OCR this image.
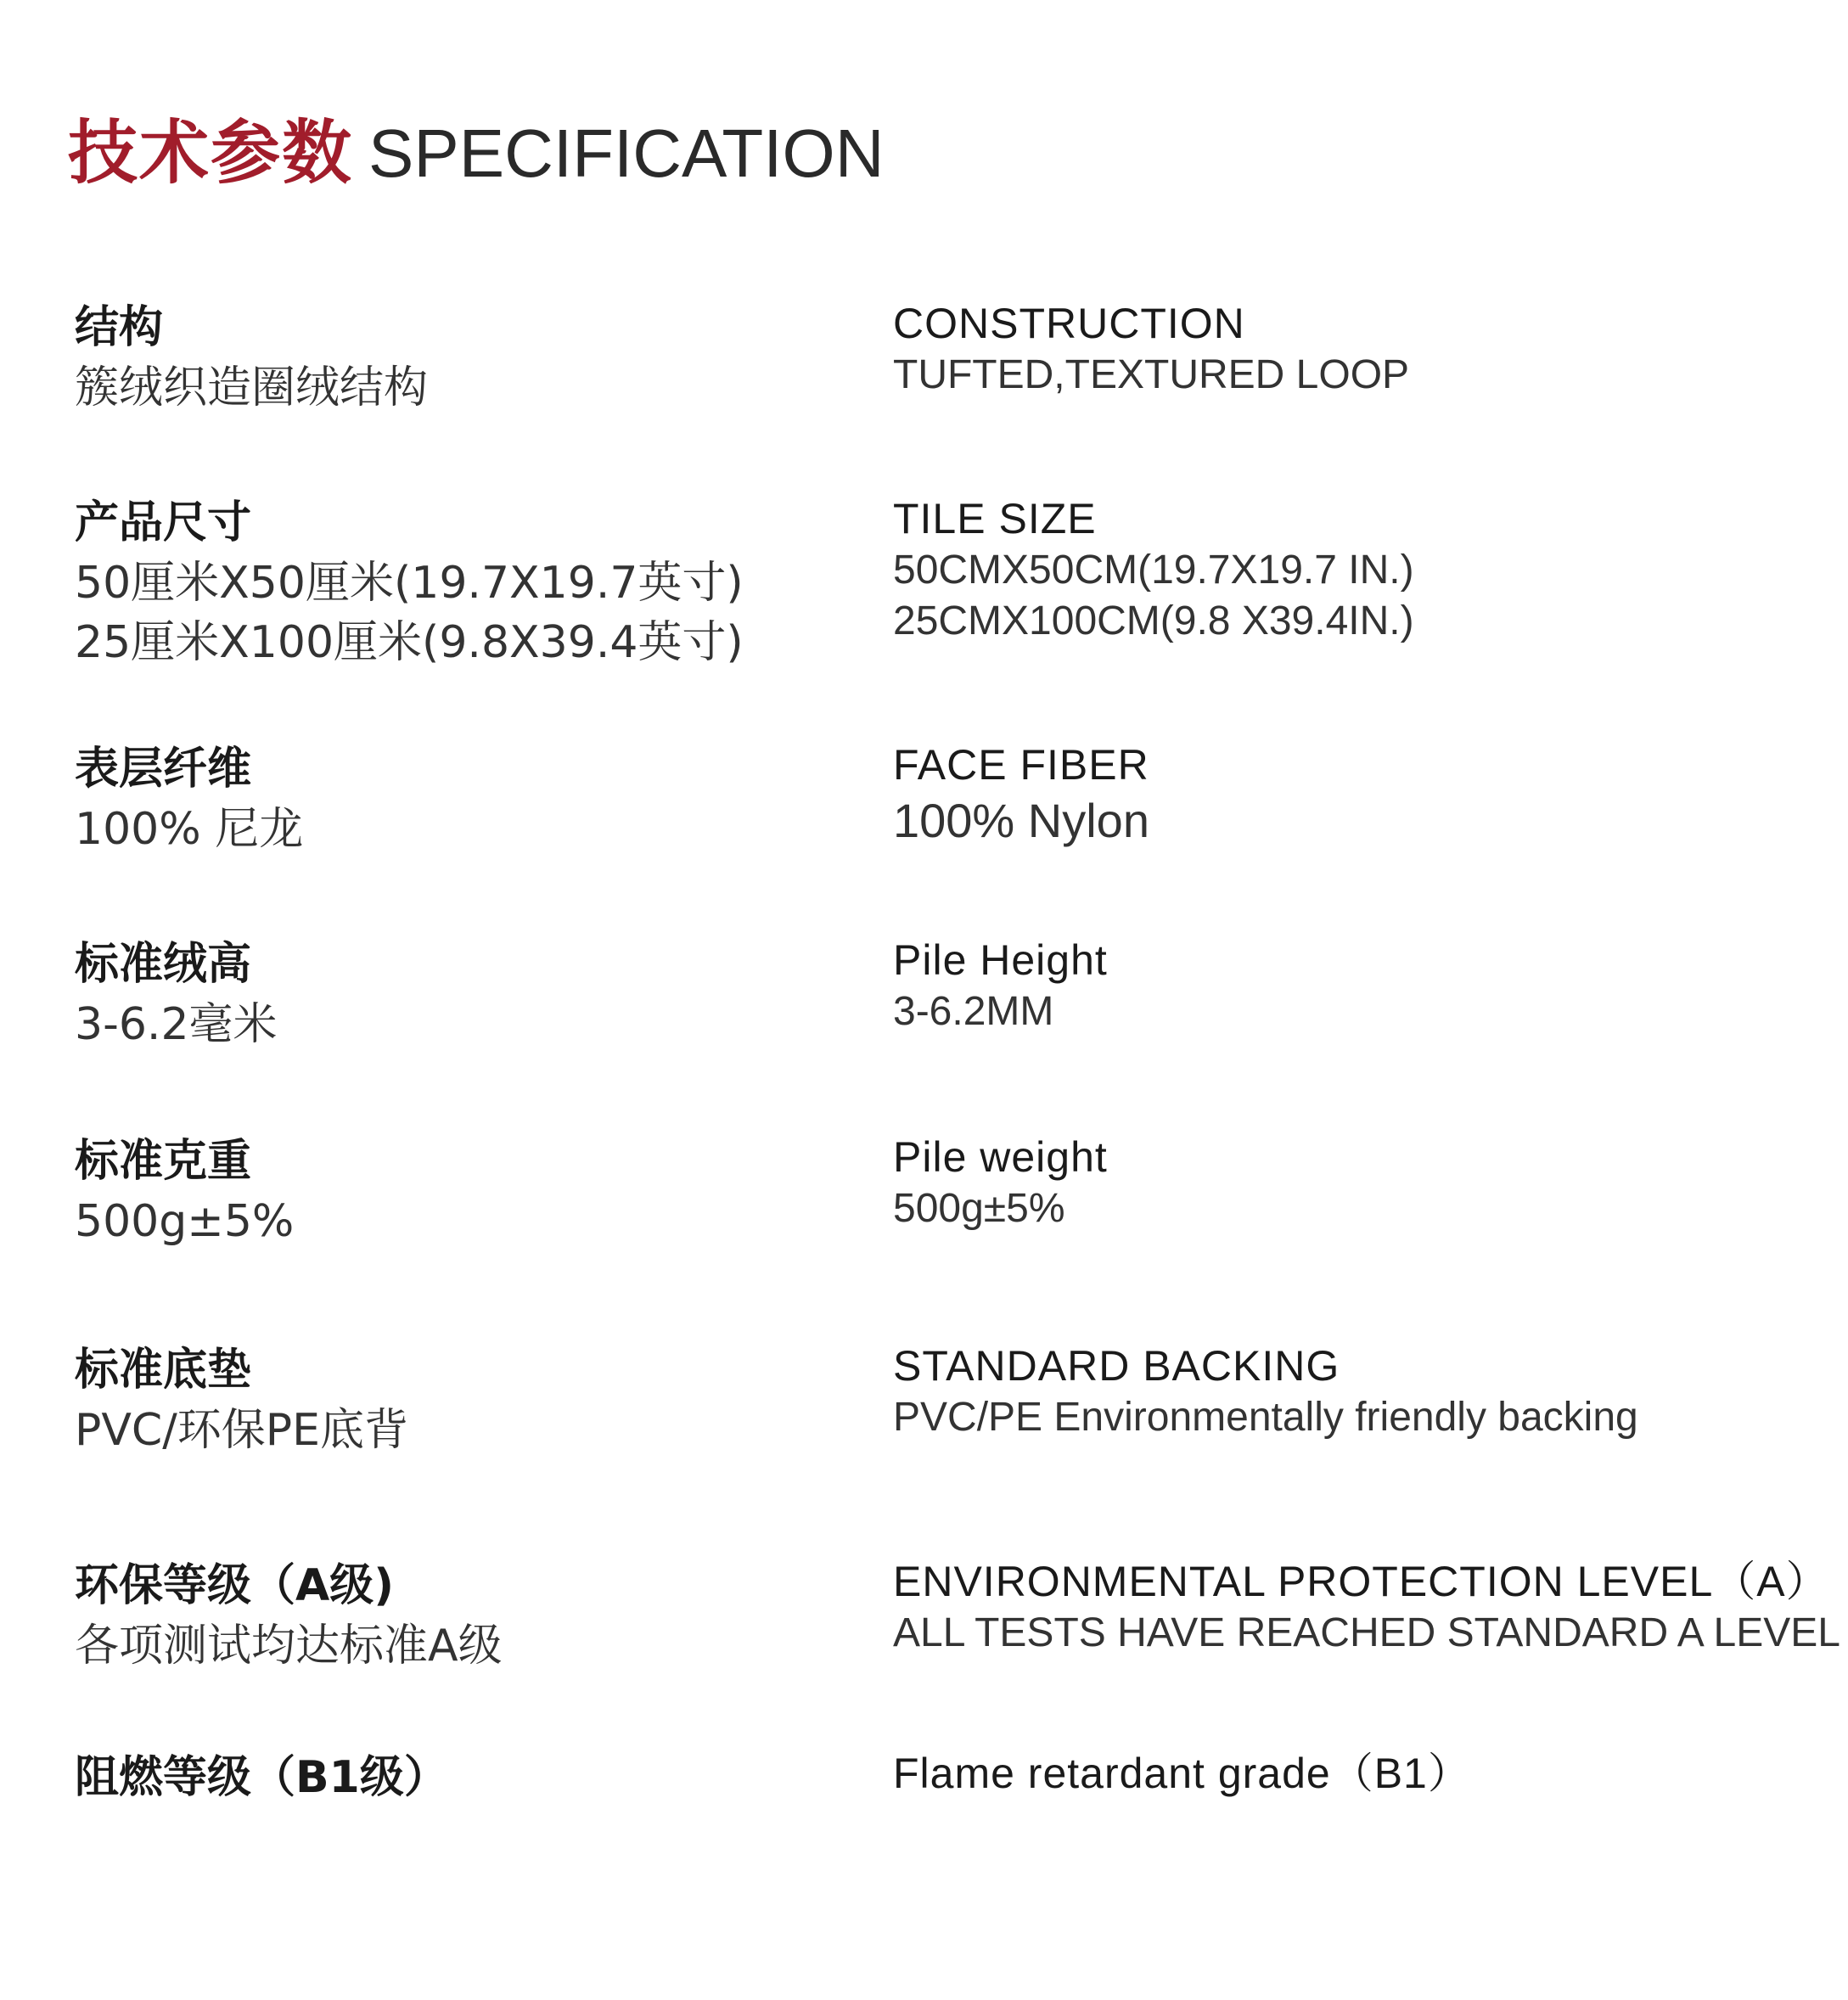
技术参数 SPECIFICATION
结构
簇绒织造圈绒结构
CONSTRUCTION
TUFTED,TEXTURED LOOP
产品尺寸
50厘米X50厘米(19.7X19.7英寸)
25厘米X100厘米(9.8X39.4英寸)
TILE SIZE
50CMX50CM(19.7X19.7 IN.)
25CMX100CM(9.8 X39.4IN.)
表层纤维
100% 尼龙
FACE FIBER
100% Nylon
标准绒高
3-6.2毫米
Pile Height
3-6.2MM
标准克重
500g±5%
Pile weight
500g±5%
标准底垫
PVC/环保PE底背
STANDARD BACKING
PVC/PE Environmentally friendly backing
环保等级（A级)
各项测试均达标准A级
ENVIRONMENTAL PROTECTION LEVEL（A）
ALL TESTS HAVE REACHED STANDARD A LEVEL
阻燃等级（B1级）	Flame retardant grade（B1）
